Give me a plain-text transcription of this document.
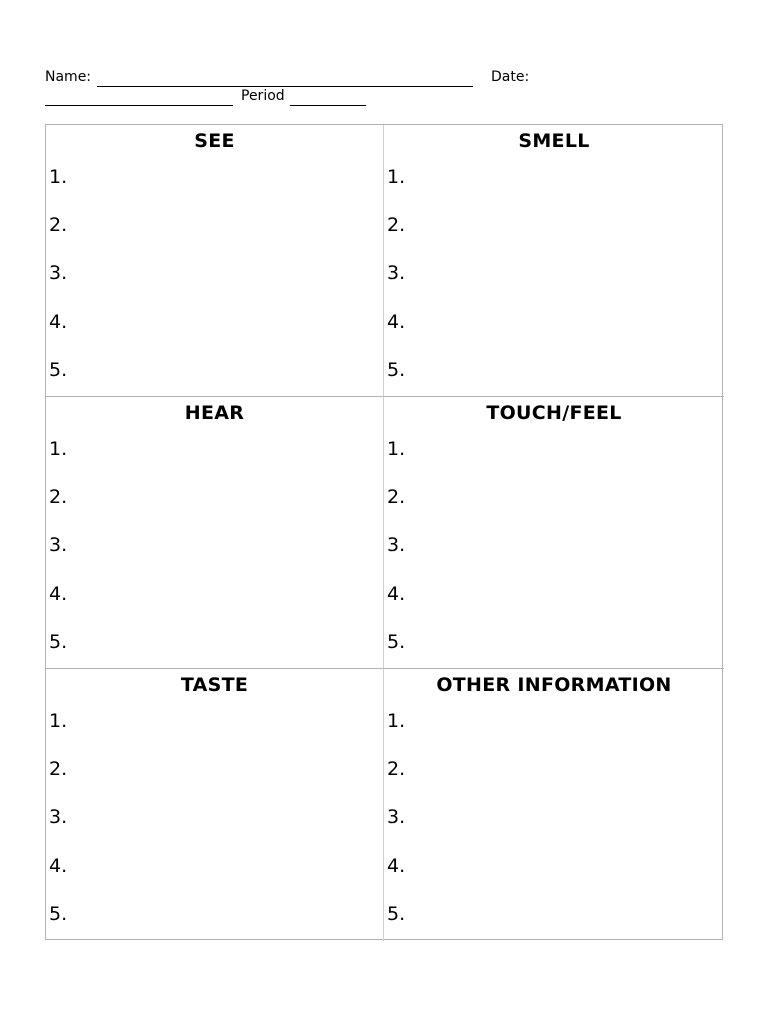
Name:	Date:
Period
SEE
1.
2.
3.
4.
5.
SMELL
1.
2.
3.
4.
5.
HEAR
1.
2.
3.
4.
5.
TOUCH/FEEL
1.
2.
3.
4.
5.
TASTE
1.
2.
3.
4.
5.
OTHER INFORMATION
1.
2.
3.
4.
5.
